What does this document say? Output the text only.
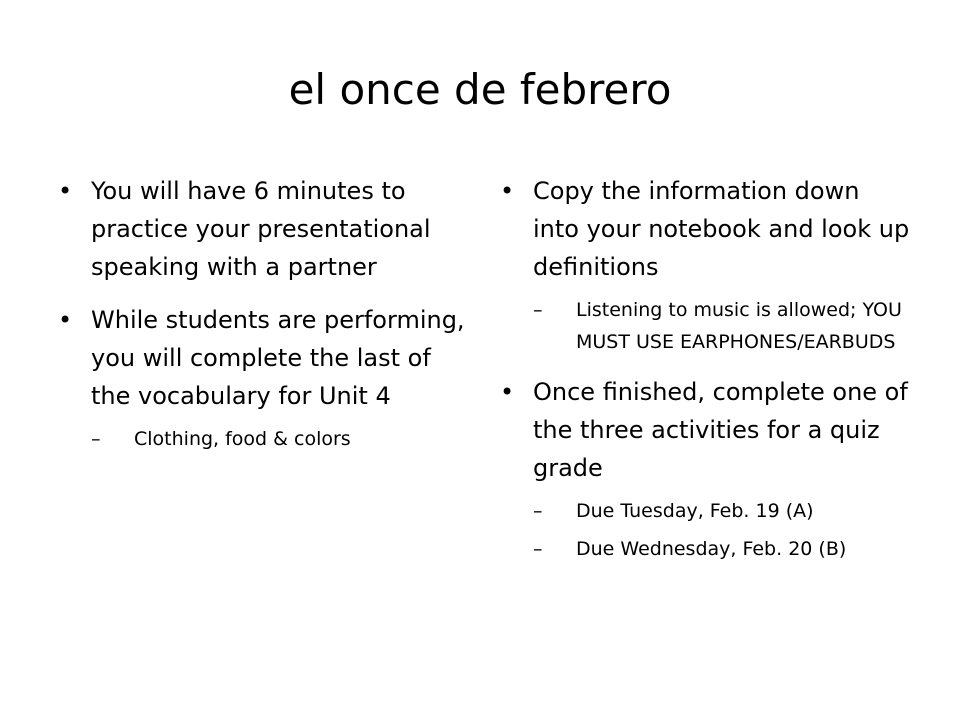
el once de febrero
• You will have 6 minutes to practice your presentational speaking with a partner
• While students are performing, you will complete the last of the vocabulary for Unit 4
– Clothing, food & colors
• Copy the information down into your notebook and look up definitions
– Listening to music is allowed; YOU MUST USE EARPHONES/EARBUDS
• Once finished, complete one of the three activities for a quiz grade
– Due Tuesday, Feb. 19 (A)
– Due Wednesday, Feb. 20 (B)
